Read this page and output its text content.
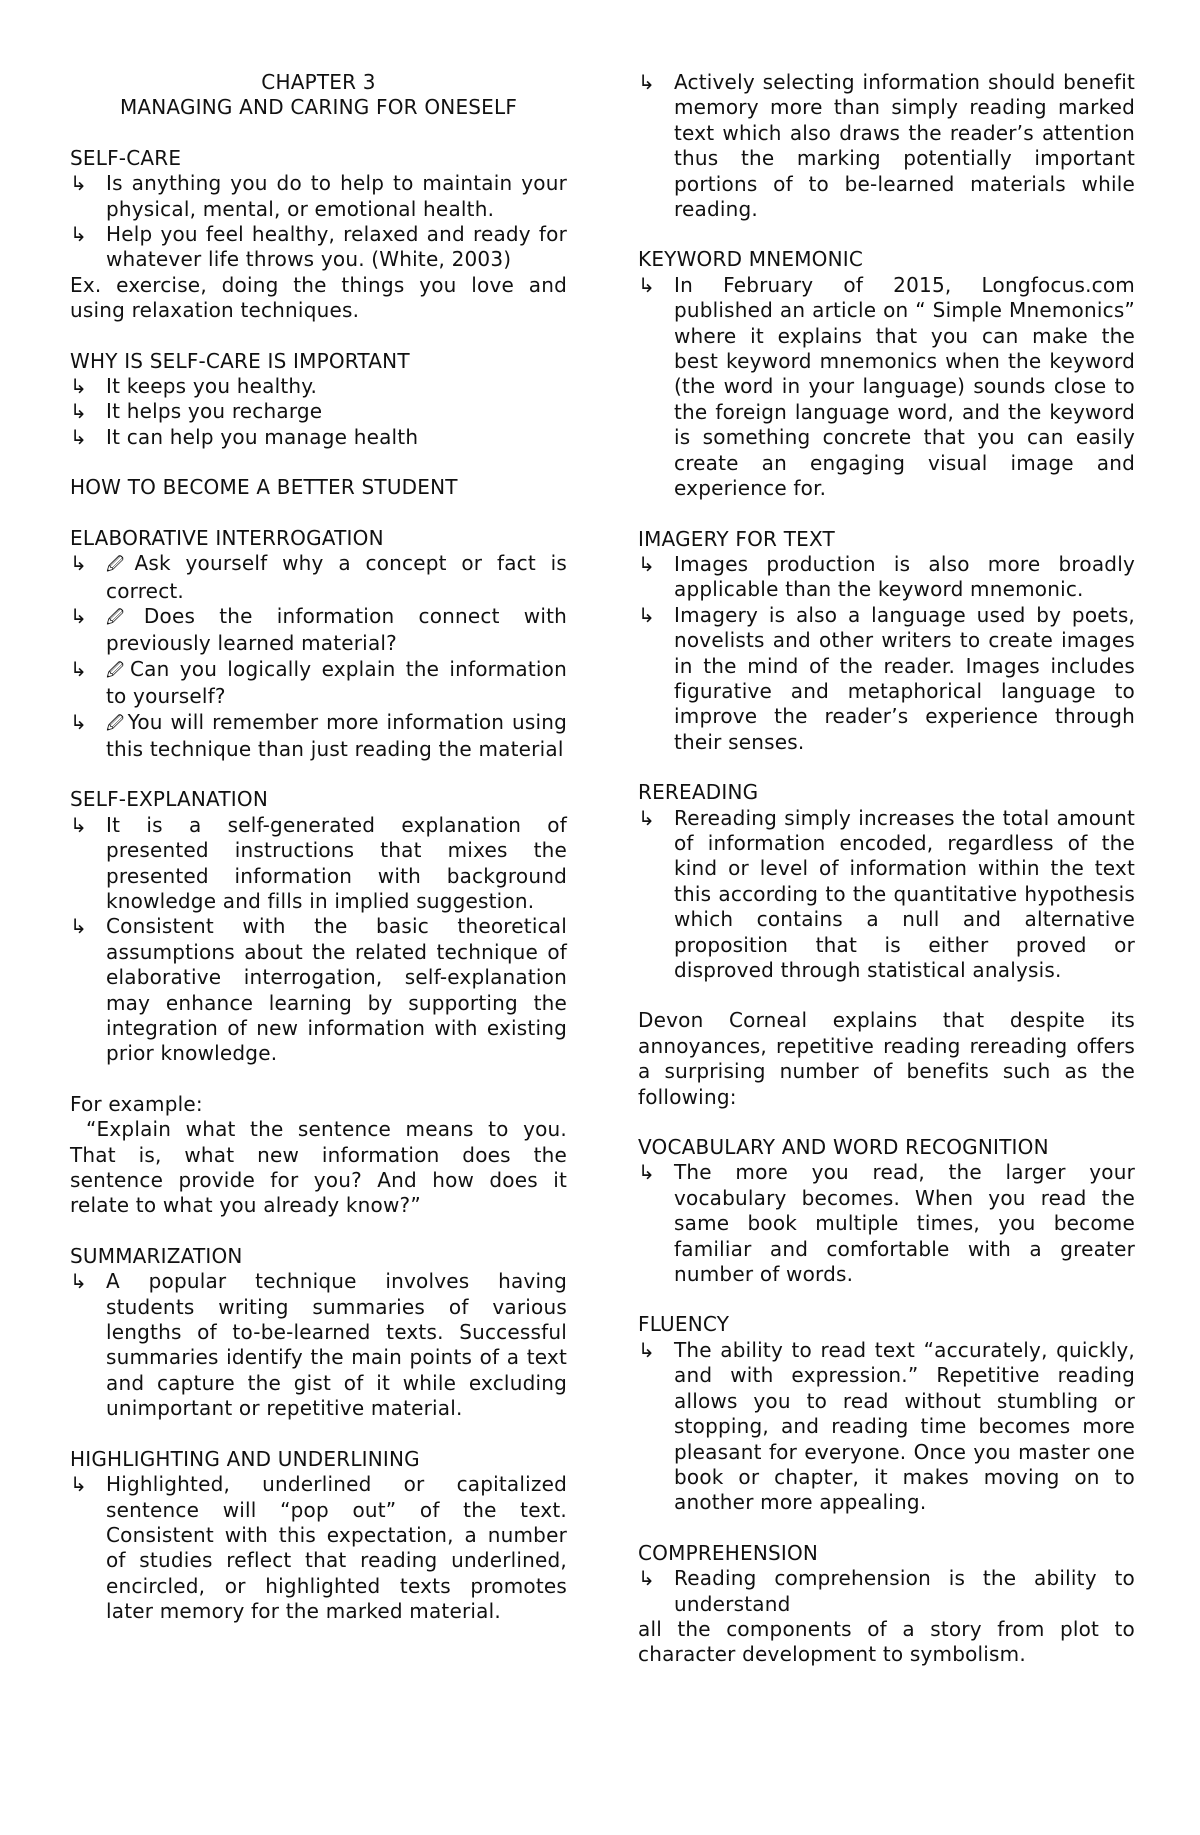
CHAPTER 3

MANAGING AND CARING FOR ONESELF

SELF-CARE

↳ Is anything you do to help to maintain your physical, mental, or emotional health.
↳ Help you feel healthy, relaxed and ready for whatever life throws you. (White, 2003)

Ex. exercise, doing the things you love and using relaxation techniques.

WHY IS SELF-CARE IS IMPORTANT

↳ It keeps you healthy.
↳ It helps you recharge
↳ It can help you manage health

HOW TO BECOME A BETTER STUDENT

ELABORATIVE INTERROGATION

↳	🖉 Ask yourself why a concept or fact is correct.
↳	🖉 Does the information connect with previously learned material?
↳	🖉 Can you logically explain the information to yourself?
↳	🖉 You will remember more information using this technique than just reading the material

SELF-EXPLANATION

↳ It is a self-generated explanation of presented instructions that mixes the presented information with background knowledge and fills in implied suggestion.
↳ Consistent with the basic theoretical assumptions about the related technique of elaborative interrogation, self-explanation may enhance learning by supporting the integration of new information with existing prior knowledge.

For example:

“Explain what the sentence means to you. That is, what new information does the sentence provide for you? And how does it relate to what you already know?”

SUMMARIZATION

↳ A popular technique involves having students writing summaries of various lengths of to-be-learned texts. Successful summaries identify the main points of a text and capture the gist of it while excluding unimportant or repetitive material.

HIGHLIGHTING AND UNDERLINING

↳ Highlighted, underlined or capitalized sentence will “pop out” of the text. Consistent with this expectation, a number of studies reflect that reading underlined, encircled, or highlighted texts promotes later memory for the marked material.
↳ Actively selecting information should benefit memory more than simply reading marked text which also draws the reader’s attention thus the marking potentially important portions of to be-learned materials while reading.

KEYWORD MNEMONIC

↳ In February of 2015, Longfocus.com published an article on “ Simple Mnemonics” where it explains that you can make the best keyword mnemonics when the keyword (the word in your language) sounds close to the foreign language word, and the keyword is something concrete that you can easily create an engaging visual image and experience for.

IMAGERY FOR TEXT

↳ Images production is also more broadly applicable than the keyword mnemonic.
↳ Imagery is also a language used by poets, novelists and other writers to create images in the mind of the reader. Images includes figurative and metaphorical language to improve the reader’s experience through their senses.

REREADING

↳ Rereading simply increases the total amount of information encoded, regardless of the kind or level of information within the text this according to the quantitative hypothesis which contains a null and alternative proposition that is either proved or disproved through statistical analysis.

Devon Corneal explains that despite its annoyances, repetitive reading rereading offers a surprising number of benefits such as the following:

VOCABULARY AND WORD RECOGNITION

↳ The more you read, the larger your vocabulary becomes. When you read the same book multiple times, you become familiar and comfortable with a greater number of words.

FLUENCY

↳ The ability to read text “accurately, quickly, and with expression.” Repetitive reading allows you to read without stumbling or stopping, and reading time becomes more pleasant for everyone. Once you master one book or chapter, it makes moving on to another more appealing.

COMPREHENSION

↳ Reading comprehension is the ability to understand

all the components of a story from plot to character development to symbolism.
